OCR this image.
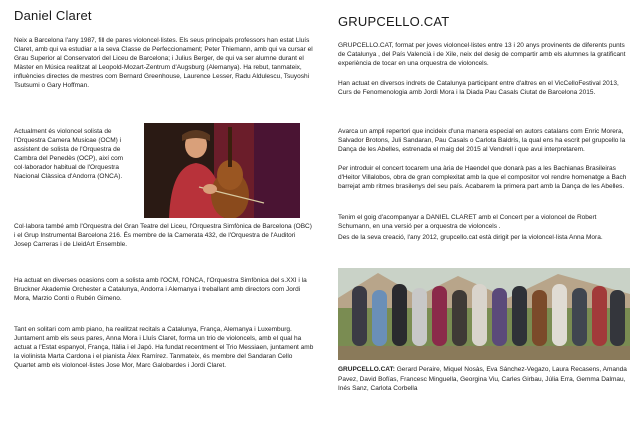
Daniel Claret

Neix a Barcelona l'any 1987, fill de pares violoncel·listes. Els seus principals professors han estat Lluís Claret, amb qui va estudiar a la seva Classe de Perfeccionament; Peter Thiemann, amb qui va cursar el Grau Superior al Conservatori del Liceu de Barcelona; i Julius Berger, de qui va ser alumne durant el Màster en Música realitzat al Leopold-Mozart-Zentrum d'Augsburg (Alemanya). Ha rebut, tanmateix, influències directes de mestres com Bernard Greenhouse, Laurence Lesser, Radu Aldulescu, Tsuyoshi Tsutsumi o Gary Hoffman.

Actualment és violoncel solista de l'Orquestra Camera Musicae (OCM) i assistent de solista de l'Orquestra de Cambra del Penedès (OCP), així com col·laborador habitual de l'Orquestra Nacional Clàssica d'Andorra (ONCA).

Col·labora també amb l'Orquestra del Gran Teatre del Liceu, l'Orquestra Simfònica de Barcelona (OBC) i el Grup Instrumental Barcelona 216. És membre de la Camerata 432, de l'Orquestra de l'Auditori Josep Carreras i de LleidArt Ensemble.

Ha actuat en diverses ocasions com a solista amb l'OCM, l'ONCA, l'Orquestra Simfònica del s.XXI i la Bruckner Akademie Orchester a Catalunya, Andorra i Alemanya i treballant amb directors com Jordi Mora, Marzio Conti o Rubén Gimeno.

Tant en solitari com amb piano, ha realitzat recitals a Catalunya, França, Alemanya i Luxemburg. Juntament amb els seus pares, Anna Mora i Lluís Claret, forma un trio de violoncels, amb el qual ha actuat a l'Estat espanyol, França, Itàlia i el Japó. Ha fundat recentment el Trio Messiaen, juntament amb la violinista Marta Cardona i el pianista Àlex Ramírez. Tanmateix, és membre del Sandaran Cello Quartet amb els violoncel·listes Jose Mor, Marc Galobardes i Jordi Claret.

GRUPCELLO.CAT

GRUPCELLO.CAT, format per joves violoncel·listes entre 13 i 20 anys provinents de diferents punts de Catalunya , del País Valencià i de Xile, neix del desig de compartir amb els alumnes la gratificant experiència de tocar en una orquestra de violoncels.

Han actuat en diversos indrets de Catalunya participant entre d'altres en el VicCelloFestival 2013, Curs de Fenomenologia amb Jordi Mora i la Diada Pau Casals Ciutat de Barcelona 2015.

Avarca un ampli repertori que incideix d'una manera especial en autors catalans com Enric Morera, Salvador Brotons, Juli Sandaran, Pau Casals o Carlota Baldrís, la qual ens ha escrit pel grupcello la Dança de les Abelles, estrenada el maig del 2015 al Vendrell i que avui interpretarem.

Per introduir el concert tocarem una ària de Haendel que donarà pas a les Bachianas Brasileiras d'Heitor Villalobos, obra de gran complexitat amb la que el compositor vol rendre homenatge a Bach barrejat amb ritmes brasilenys del seu país. Acabarem la primera part amb la Dança de les Abelles.

Tenim el goig d'acompanyar a DANIEL CLARET amb el Concert per a violoncel de Robert Schumann, en una versió per a orquestra de violoncels .

Des de la seva creació, l'any 2012, grupcello.cat està dirigit per la violoncel·lista Anna Mora.

GRUPCELLO.CAT: Gerard Peraire, Miquel Nosàs, Eva Sánchez-Vegazo, Laura Recasens, Amanda Pavez, David Bofías, Francesc Minguella, Georgina Viu, Carles Girbau, Júlia Erra, Gemma Dalmau, Inés Sanz, Carlota Corbella
